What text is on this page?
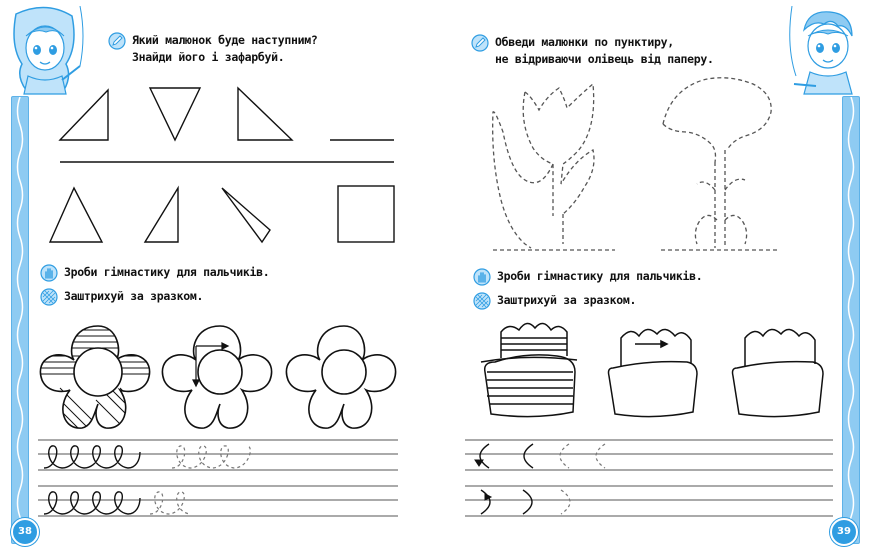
Який малюнок буде наступним?
Знайди його і зафарбуй.
Зроби гімнастику для пальчиків.
Заштрихуй за зразком.
38
Обведи малюнки по пунктиру,
не відриваючи олівець від паперу.
Зроби гімнастику для пальчиків.
Заштрихуй за зразком.
39
